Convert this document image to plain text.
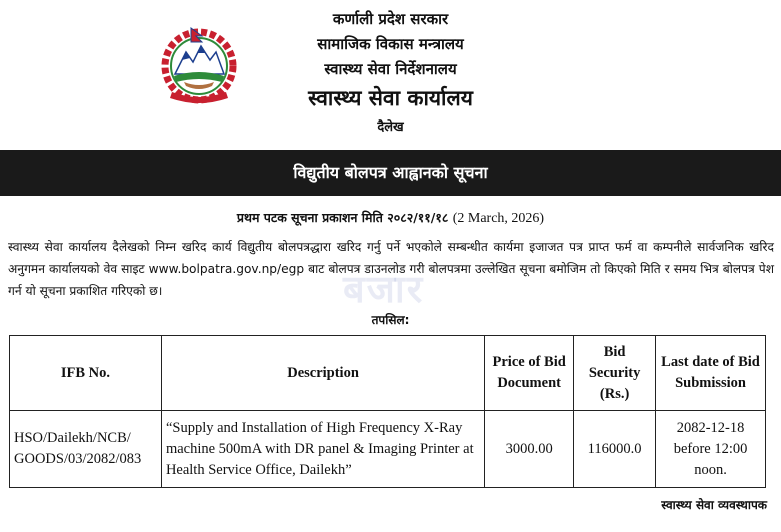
कर्णाली प्रदेश सरकार
सामाजिक विकास मन्त्रालय
स्वास्थ्य सेवा निर्देशनालय
स्वास्थ्य सेवा कार्यालय
दैलेख
विद्युतीय बोलपत्र आह्वानको सूचना
प्रथम पटक सूचना प्रकाशन मिति २०८२/११/१८ (2 March, 2026)
स्वास्थ्य सेवा कार्यालय दैलेखको निम्न खरिद कार्य विद्युतीय बोलपत्रद्धारा खरिद गर्नु पर्ने भएकोले सम्बन्धीत कार्यमा इजाजत पत्र प्राप्त फर्म वा कम्पनीले सार्वजनिक खरिद अनुगमन कार्यालयको वेव साइट www.bolpatra.gov.np/egp बाट बोलपत्र डाउनलोड गरी बोलपत्रमा उल्लेखित सूचना बमोजिम तो किएको मिति र समय भित्र बोलपत्र पेश गर्न यो सूचना प्रकाशित गरिएको छ।	बजार
तपसिल:
IFB No.	Description	Price of Bid Document	Bid Security (Rs.)	Last date of Bid Submission
HSO/Dailekh/NCB/ GOODS/03/2082/083	“Supply and Installation of High Frequency X-Ray machine 500mA with DR panel & Imaging Printer at Health Service Office, Dailekh”	3000.00	116000.0	2082-12-18 before 12:00 noon.
स्वास्थ्य सेवा व्यवस्थापक
